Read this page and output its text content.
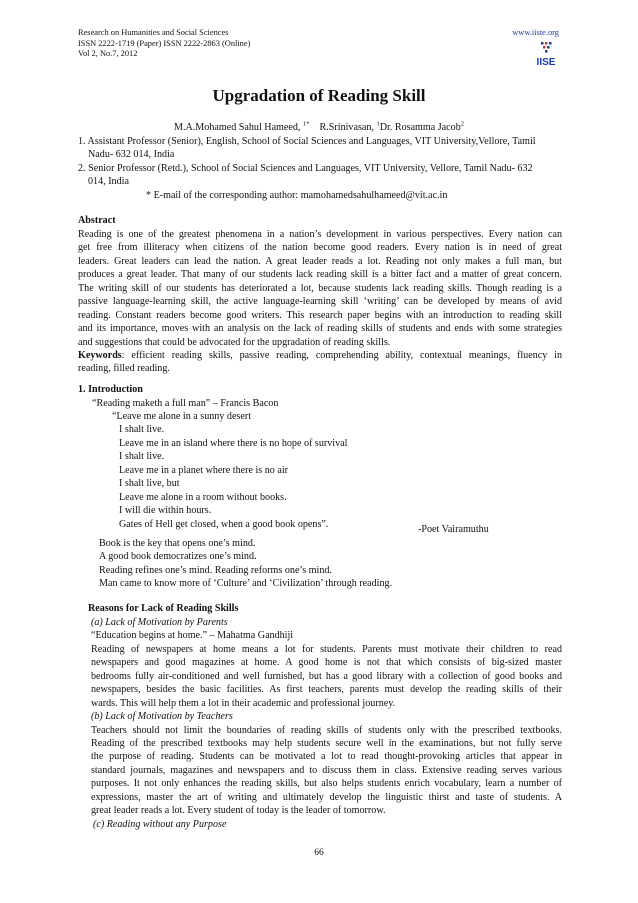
Research on Humanities and Social Sciences
ISSN 2222-1719 (Paper) ISSN 2222-2863 (Online)
Vol 2, No.7, 2012
www.iiste.org
IISE
Upgradation of Reading Skill
M.A.Mohamed Sahul Hameed, $^{1*}$ R.Srinivasan, $^1$Dr. Rosamma Jacob$^2$
1. Assistant Professor (Senior), English, School of Social Sciences and Languages, VIT University,Vellore, Tamil
Nadu- 632 014, India
2. Senior Professor (Retd.), School of Social Sciences and Languages, VIT University, Vellore, Tamil Nadu- 632
014, India
* E-mail of the corresponding author: mamohamedsahulhameed@vit.ac.in
Abstract
Reading is one of the greatest phenomena in a nation’s development in various perspectives. Every nation can
get free from illiteracy when citizens of the nation become good readers. Every nation is in need of great
leaders. Great leaders can lead the nation. A great leader reads a lot. Reading not only makes a full man, but
produces a great leader. That many of our students lack reading skill is a bitter fact and a matter of great concern.
The writing skill of our students has deteriorated a lot, because students lack reading skills. Though reading is a
passive language-learning skill, the active language-learning skill ‘writing’ can be developed by means of avid
reading. Constant readers become good writers. This research paper begins with an introduction to reading skill
and its importance, moves with an analysis on the lack of reading skills of students and ends with some strategies
and suggestions that could be advocated for the upgradation of reading skills.
Keywords: efficient reading skills, passive reading, comprehending ability, contextual meanings, fluency in
reading, filled reading.
1. Introduction
“Reading maketh a full man” – Francis Bacon
“Leave me alone in a sunny desert
I shalt live.
Leave me in an island where there is no hope of survival
I shalt live.
Leave me in a planet where there is no air
I shalt live, but
Leave me alone in a room without books.
I will die within hours.
Gates of Hell get closed, when a good book opens”.	-Poet Vairamuthu
Book is the key that opens one’s mind.
A good book democratizes one’s mind.
Reading refines one’s mind. Reading reforms one’s mind.
Man came to know more of ‘Culture’ and ‘Civilization’ through reading.
Reasons for Lack of Reading Skills
(a) Lack of Motivation by Parents
“Education begins at home.” – Mahatma Gandhiji
Reading of newspapers at home means a lot for students. Parents must motivate their children to read
newspapers and good magazines at home. A good home is not that which consists of big-sized master
bedrooms fully air-conditioned and well furnished, but has a good library with a collection of good books and
newspapers, besides the basic facilities. As first teachers, parents must develop the reading skills of their
wards. This will help them a lot in their academic and professional journey.
(b) Lack of Motivation by Teachers
Teachers should not limit the boundaries of reading skills of students only with the prescribed textbooks.
Reading of the prescribed textbooks may help students secure well in the examinations, but not fully serve
the purpose of reading. Students can be motivated a lot to read thought-provoking articles that appear in
standard journals, magazines and newspapers and to discuss them in class. Extensive reading serves various
purposes. It not only enhances the reading skills, but also helps students enrich vocabulary, learn a number of
expressions, master the art of writing and ultimately develop the linguistic thirst and taste of students. A
great leader reads a lot. Every student of today is the leader of tomorrow.
(c) Reading without any Purpose
66
